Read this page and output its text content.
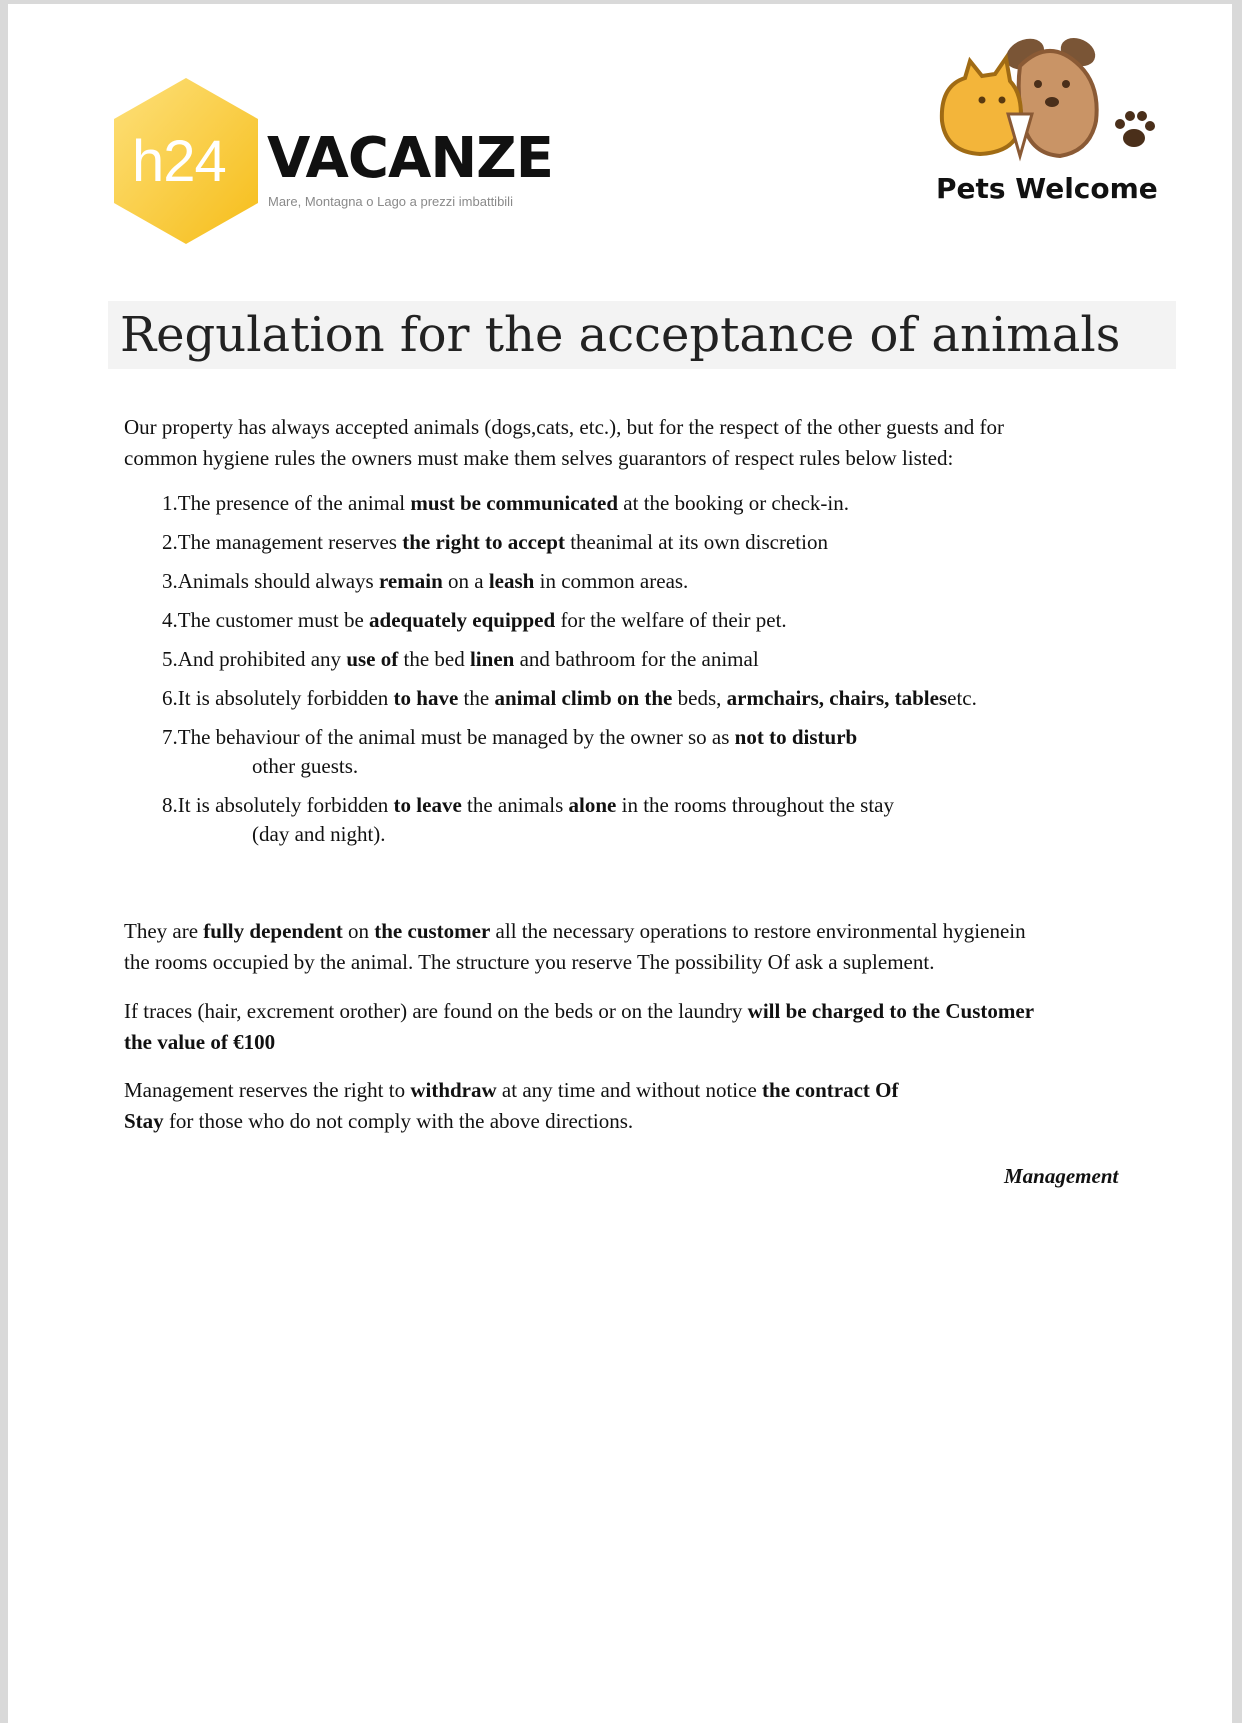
h24 VACANZE
Mare, Montagna o Lago a prezzi imbattibili	Pets Welcome
Regulation for the acceptance of animals
Our property has always accepted animals (dogs,cats, etc.), but for the respect of the other guests and for
common hygiene rules the owners must make them selves guarantors of respect rules below listed:
1.The presence of the animal must be communicated at the booking or check-in.
2.The management reserves the right to accept theanimal at its own discretion
3.Animals should always remain on a leash in common areas.
4.The customer must be adequately equipped for the welfare of their pet.
5.And prohibited any use of the bed linen and bathroom for the animal
6.It is absolutely forbidden to have the animal climb on the beds, armchairs, chairs, tablesetc.
7.The behaviour of the animal must be managed by the owner so as not to disturb
other guests.
8.It is absolutely forbidden to leave the animals alone in the rooms throughout the stay
(day and night).
They are fully dependent on the customer all the necessary operations to restore environmental hygienein
the rooms occupied by the animal. The structure you reserve The possibility Of ask a suplement.
If traces (hair, excrement orother) are found on the beds or on the laundry will be charged to the Customer
the value of €100
Management reserves the right to withdraw at any time and without notice the contract Of
Stay for those who do not comply with the above directions.
Management
